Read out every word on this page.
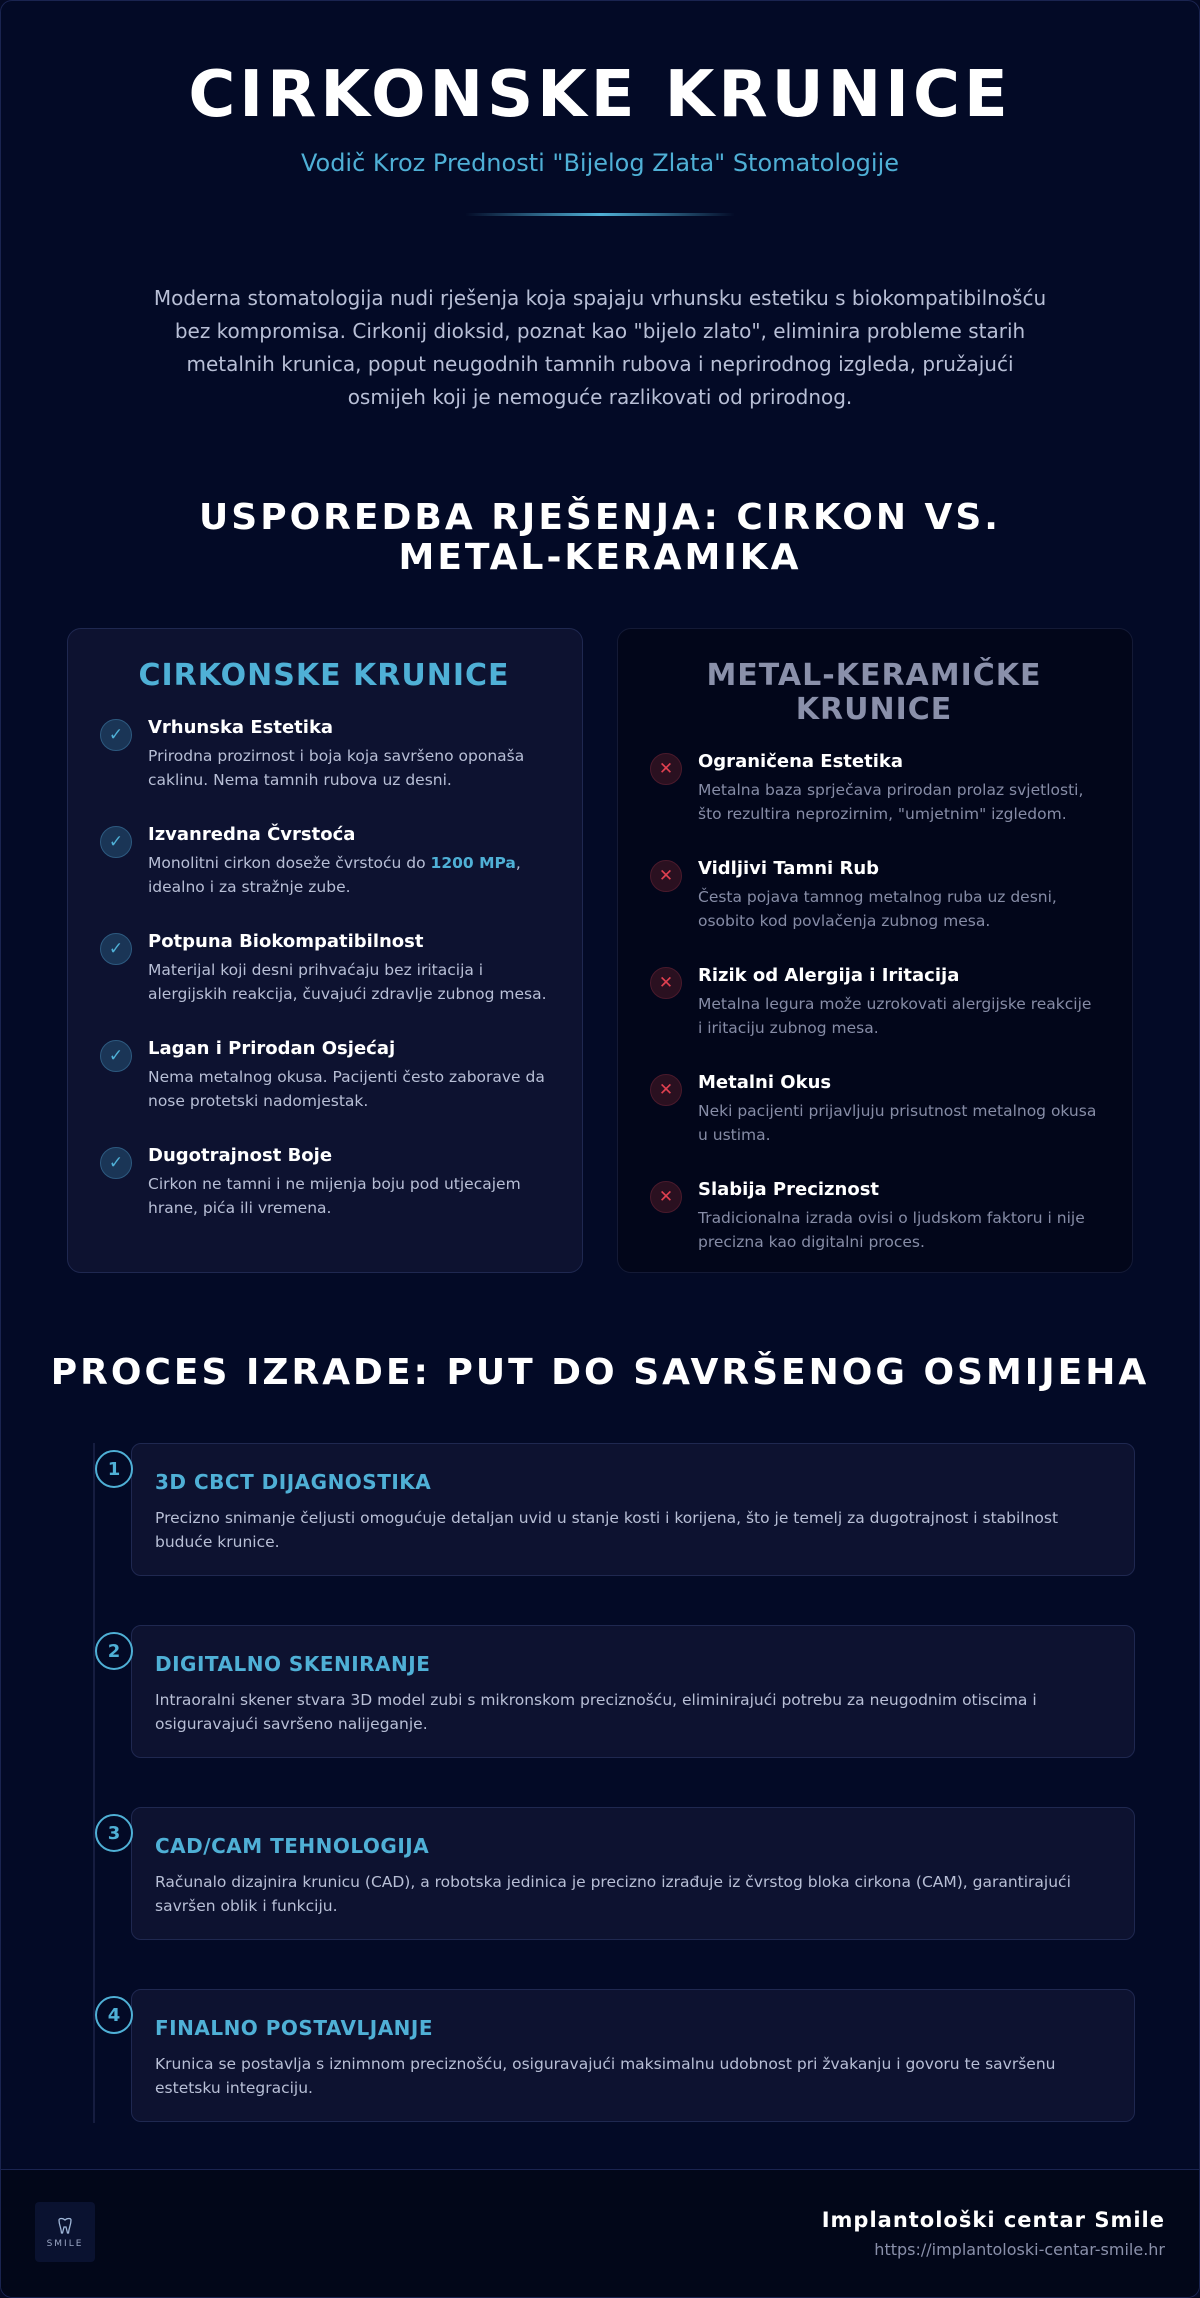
CIRKONSKE KRUNICE
Vodič Kroz Prednosti "Bijelog Zlata" Stomatologije

Moderna stomatologija nudi rješenja koja spajaju vrhunsku estetiku s biokompatibilnošću bez kompromisa. Cirkonij dioksid, poznat kao "bijelo zlato", eliminira probleme starih metalnih krunica, poput neugodnih tamnih rubova i neprirodnog izgleda, pružajući osmijeh koji je nemoguće razlikovati od prirodnog.

USPOREDBA RJEŠENJA: CIRKON VS. METAL-KERAMIKA
CIRKONSKE KRUNICE
✓	Vrhunska Estetika
Prirodna prozirnost i boja koja savršeno oponaša caklinu. Nema tamnih rubova uz desni.
✓	Izvanredna Čvrstoća
Monolitni cirkon doseže čvrstoću do 1200 MPa, idealno i za stražnje zube.
✓	Potpuna Biokompatibilnost
Materijal koji desni prihvaćaju bez iritacija i alergijskih reakcija, čuvajući zdravlje zubnog mesa.
✓	Lagan i Prirodan Osjećaj
Nema metalnog okusa. Pacijenti često zaborave da nose protetski nadomjestak.
✓	Dugotrajnost Boje
Cirkon ne tamni i ne mijenja boju pod utjecajem hrane, pića ili vremena.
METAL-KERAMIČKE KRUNICE
✕	Ograničena Estetika
Metalna baza sprječava prirodan prolaz svjetlosti, što rezultira neprozirnim, "umjetnim" izgledom.
✕	Vidljivi Tamni Rub
Česta pojava tamnog metalnog ruba uz desni, osobito kod povlačenja zubnog mesa.
✕	Rizik od Alergija i Iritacija
Metalna legura može uzrokovati alergijske reakcije i iritaciju zubnog mesa.
✕	Metalni Okus
Neki pacijenti prijavljuju prisutnost metalnog okusa u ustima.
✕	Slabija Preciznost
Tradicionalna izrada ovisi o ljudskom faktoru i nije precizna kao digitalni proces.
PROCES IZRADE: PUT DO SAVRŠENOG OSMIJEHA
1
3D CBCT DIJAGNOSTIKA
Precizno snimanje čeljusti omogućuje detaljan uvid u stanje kosti i korijena, što je temelj za dugotrajnost i stabilnost buduće krunice.
2
DIGITALNO SKENIRANJE
Intraoralni skener stvara 3D model zubi s mikronskom preciznošću, eliminirajući potrebu za neugodnim otiscima i osiguravajući savršeno nalijeganje.
3
CAD/CAM TEHNOLOGIJA
Računalo dizajnira krunicu (CAD), a robotska jedinica je precizno izrađuje iz čvrstog bloka cirkona (CAM), garantirajući savršen oblik i funkciju.
4
FINALNO POSTAVLJANJE
Krunica se postavlja s iznimnom preciznošću, osiguravajući maksimalnu udobnost pri žvakanju i govoru te savršenu estetsku integraciju.
SMILE
Implantološki centar Smile
https://implantoloski-centar-smile.hr
